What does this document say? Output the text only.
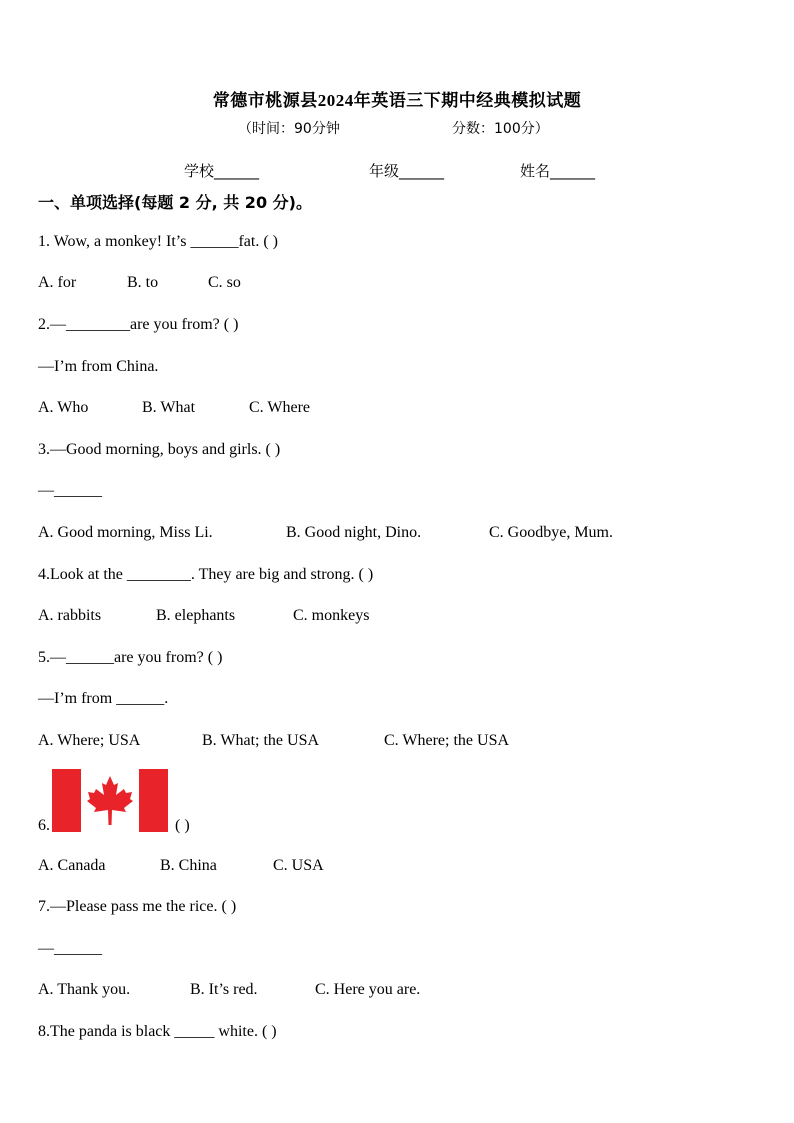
常德市桃源县2024年英语三下期中经典模拟试题
（时间：90分钟	分数：100分）
学校______	年级______	姓名______
一、单项选择(每题 2 分, 共 20 分)。
1. Wow, a monkey! It’s ______fat. ( )
A. for	B. to	C. so
2.—________are you from? ( )
—I’m from China.
A. Who	B. What	C. Where
3.—Good morning, boys and girls. ( )
—______
A. Good morning, Miss Li.	B. Good night, Dino.	C. Goodbye, Mum.
4.Look at the ________. They are big and strong. ( )
A. rabbits	B. elephants	C. monkeys
5.—______are you from? ( )
—I’m from ______.
A. Where; USA	B. What; the USA	C. Where; the USA
6.	( )
A. Canada	B. China	C. USA
7.—Please pass me the rice. ( )
—______
A. Thank you.	B. It’s red.	C. Here you are.
8.The panda is black _____ white. ( )
